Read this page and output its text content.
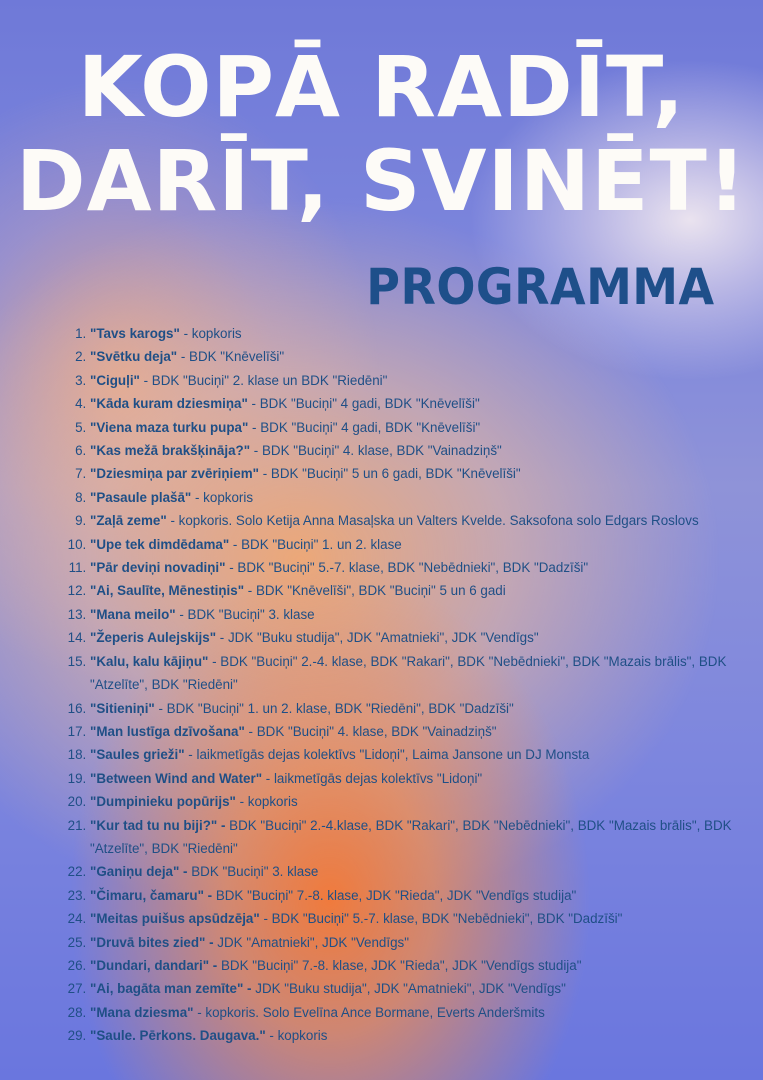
KOPĀ RADĪT,
DARĪT, SVINĒT!
PROGRAMMA
1. "Tavs karogs" - kopkoris
2. "Svētku deja" - BDK "Knēvelīši"
3. "Ciguļi" - BDK "Buciņi" 2. klase un BDK "Riedēni"
4. "Kāda kuram dziesmiņa" - BDK "Buciņi" 4 gadi, BDK "Knēvelīši"
5. "Viena maza turku pupa" - BDK "Buciņi" 4 gadi, BDK "Knēvelīši"
6. "Kas mežā brakšķināja?" - BDK "Buciņi" 4. klase, BDK "Vainadziņš"
7. "Dziesmiņa par zvēriņiem" - BDK "Buciņi" 5 un 6 gadi, BDK "Knēvelīši"
8. "Pasaule plašā" - kopkoris
9. "Zaļā zeme" - kopkoris. Solo Ketija Anna Masaļska un Valters Kvelde. Saksofona solo Edgars Roslovs
10. "Upe tek dimdēdama" - BDK "Buciņi" 1. un 2. klase
11. "Pār deviņi novadiņi" - BDK "Buciņi" 5.-7. klase, BDK "Nebēdnieki", BDK "Dadzīši"
12. "Ai, Saulīte, Mēnestiņis" - BDK "Knēvelīši", BDK "Buciņi" 5 un 6 gadi
13. "Mana meilo" - BDK "Buciņi" 3. klase
14. "Žeperis Aulejskijs" - JDK "Buku studija", JDK "Amatnieki", JDK "Vendīgs"
15. "Kalu, kalu kājiņu" - BDK "Buciņi" 2.-4. klase, BDK "Rakari", BDK "Nebēdnieki", BDK "Mazais brālis", BDK "Atzelīte", BDK "Riedēni"
16. "Sitieniņi" - BDK "Buciņi" 1. un 2. klase, BDK "Riedēni", BDK "Dadzīši"
17. "Man lustīga dzīvošana" - BDK "Buciņi" 4. klase, BDK "Vainadziņš"
18. "Saules grieži" - laikmetīgās dejas kolektīvs "Lidoņi", Laima Jansone un DJ Monsta
19. "Between Wind and Water" - laikmetīgās dejas kolektīvs "Lidoņi"
20. "Dumpinieku popūrijs" - kopkoris
21. "Kur tad tu nu biji?" - BDK "Buciņi" 2.-4.klase, BDK "Rakari", BDK "Nebēdnieki", BDK "Mazais brālis", BDK "Atzelīte", BDK "Riedēni"
22. "Ganiņu deja" - BDK "Buciņi" 3. klase
23. "Čimaru, čamaru" - BDK "Buciņi" 7.-8. klase, JDK "Rieda", JDK "Vendīgs studija"
24. "Meitas puišus apsūdzēja" - BDK "Buciņi" 5.-7. klase, BDK "Nebēdnieki", BDK "Dadzīši"
25. "Druvā bites zied" - JDK "Amatnieki", JDK "Vendīgs"
26. "Dundari, dandari" - BDK "Buciņi" 7.-8. klase, JDK "Rieda", JDK "Vendīgs studija"
27. "Ai, bagāta man zemīte" - JDK "Buku studija", JDK "Amatnieki", JDK "Vendīgs"
28. "Mana dziesma" - kopkoris. Solo Evelīna Ance Bormane, Everts Anderšmits
29. "Saule. Pērkons. Daugava." - kopkoris
